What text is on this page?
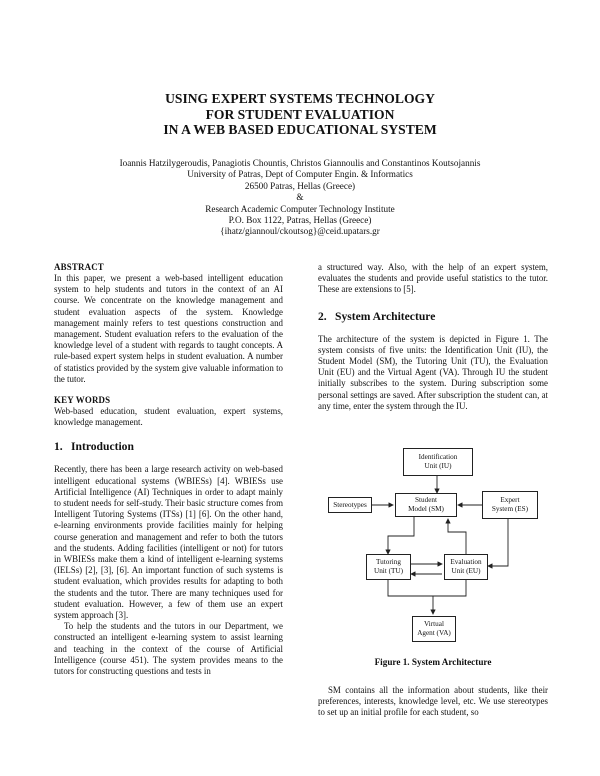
USING EXPERT SYSTEMS TECHNOLOGY
FOR STUDENT EVALUATION
IN A WEB BASED EDUCATIONAL SYSTEM
Ioannis Hatzilygeroudis, Panagiotis Chountis, Christos Giannoulis and Constantinos Koutsojannis
University of Patras, Dept of Computer Engin. & Informatics
26500 Patras, Hellas (Greece)
&
Research Academic Computer Technology Institute
P.O. Box 1122, Patras, Hellas (Greece)
{ihatz/giannoul/ckoutsog}@ceid.upatars.gr
ABSTRACT

In this paper, we present a web-based intelligent education system to help students and tutors in the context of an AI course. We concentrate on the knowledge management and student evaluation aspects of the system. Knowledge management mainly refers to test questions construction and management. Student evaluation refers to the evaluation of the knowledge level of a student with regards to taught concepts. A rule-based expert system helps in student evaluation. A number of statistics provided by the system give valuable information to the tutor.

KEY WORDS

Web-based education, student evaluation, expert systems, knowledge management.

1. Introduction

Recently, there has been a large research activity on web-based intelligent educational systems (WBIESs) [4]. WBIESs use Artificial Intelligence (AI) Techniques in order to adapt mainly to student needs for self-study. Their basic structure comes from Intelligent Tutoring Systems (ITSs) [1] [6]. On the other hand, e-learning environments provide facilities mainly for helping course generation and management and refer to both the tutors and the students. Adding facilities (intelligent or not) for tutors in WBIESs make them a kind of intelligent e-learning systems (IELSs) [2], [3], [6]. An important function of such systems is student evaluation, which provides results for adapting to both the students and the tutor. There are many techniques used for student evaluation. However, a few of them use an expert system approach [3].

To help the students and the tutors in our Department, we constructed an intelligent e-learning system to assist learning and teaching in the context of the course of Artificial Intelligence (course 451). The system provides means to the tutors for constructing questions and tests in

a structured way. Also, with the help of an expert system, evaluates the students and provide useful statistics to the tutor. These are extensions to [5].

2. System Architecture

The architecture of the system is depicted in Figure 1. The system consists of five units: the Identification Unit (IU), the Student Model (SM), the Tutoring Unit (TU), the Evaluation Unit (EU) and the Virtual Agent (VA). Through IU the student initially subscribes to the system. During subscription some personal settings are saved. After subscription the student can, at any time, enter the system through the IU.

Identification
Unit (IU)
Stereotypes
Student
Model (SM)
Expert
System (ES)
Tutoring
Unit (TU)
Evaluation
Unit (EU)
Virtual
Agent (VA)
Figure 1. System Architecture

SM contains all the information about students, like their preferences, interests, knowledge level, etc. We use stereotypes to set up an initial profile for each student, so
